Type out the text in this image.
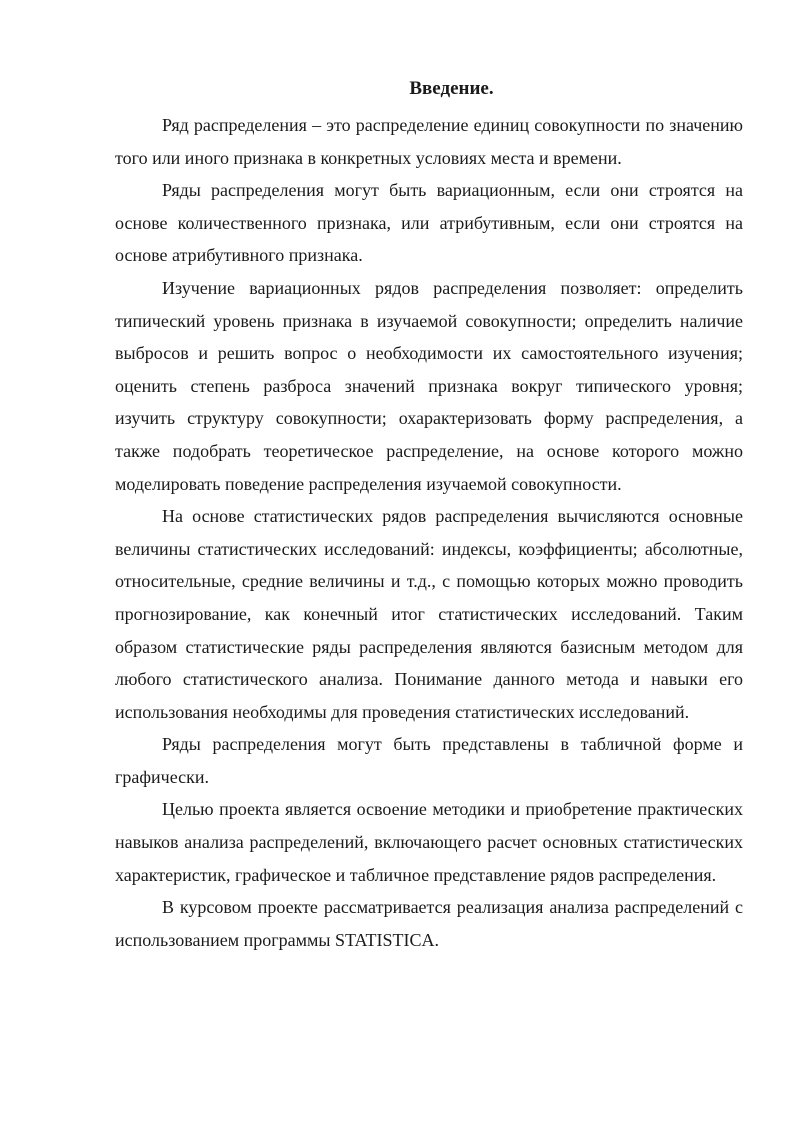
Введение.

Ряд распределения – это распределение единиц совокупности по значению того или иного признака в конкретных условиях места и времени.

Ряды распределения могут быть вариационным, если они строятся на основе количественного признака, или атрибутивным, если они строятся на основе атрибутивного признака.

Изучение вариационных рядов распределения позволяет: определить типический уровень признака в изучаемой совокупности; определить наличие выбросов и решить вопрос о необходимости их самостоятельного изучения; оценить степень разброса значений признака вокруг типического уровня; изучить структуру совокупности; охарактеризовать форму распределения, а также подобрать теоретическое распределение, на основе которого можно моделировать поведение распределения изучаемой совокупности.

На основе статистических рядов распределения вычисляются основные величины статистических исследований: индексы, коэффициенты; абсолютные, относительные, средние величины и т.д., с помощью которых можно проводить прогнозирование, как конечный итог статистических исследований. Таким образом статистические ряды распределения являются базисным методом для любого статистического анализа. Понимание данного метода и навыки его использования необходимы для проведения статистических исследований.

Ряды распределения могут быть представлены в табличной форме и графически.

Целью проекта является освоение методики и приобретение практических навыков анализа распределений, включающего расчет основных статистических характеристик, графическое и табличное представление рядов распределения.

В курсовом проекте рассматривается реализация анализа распределений с использованием программы STATISTICA.
